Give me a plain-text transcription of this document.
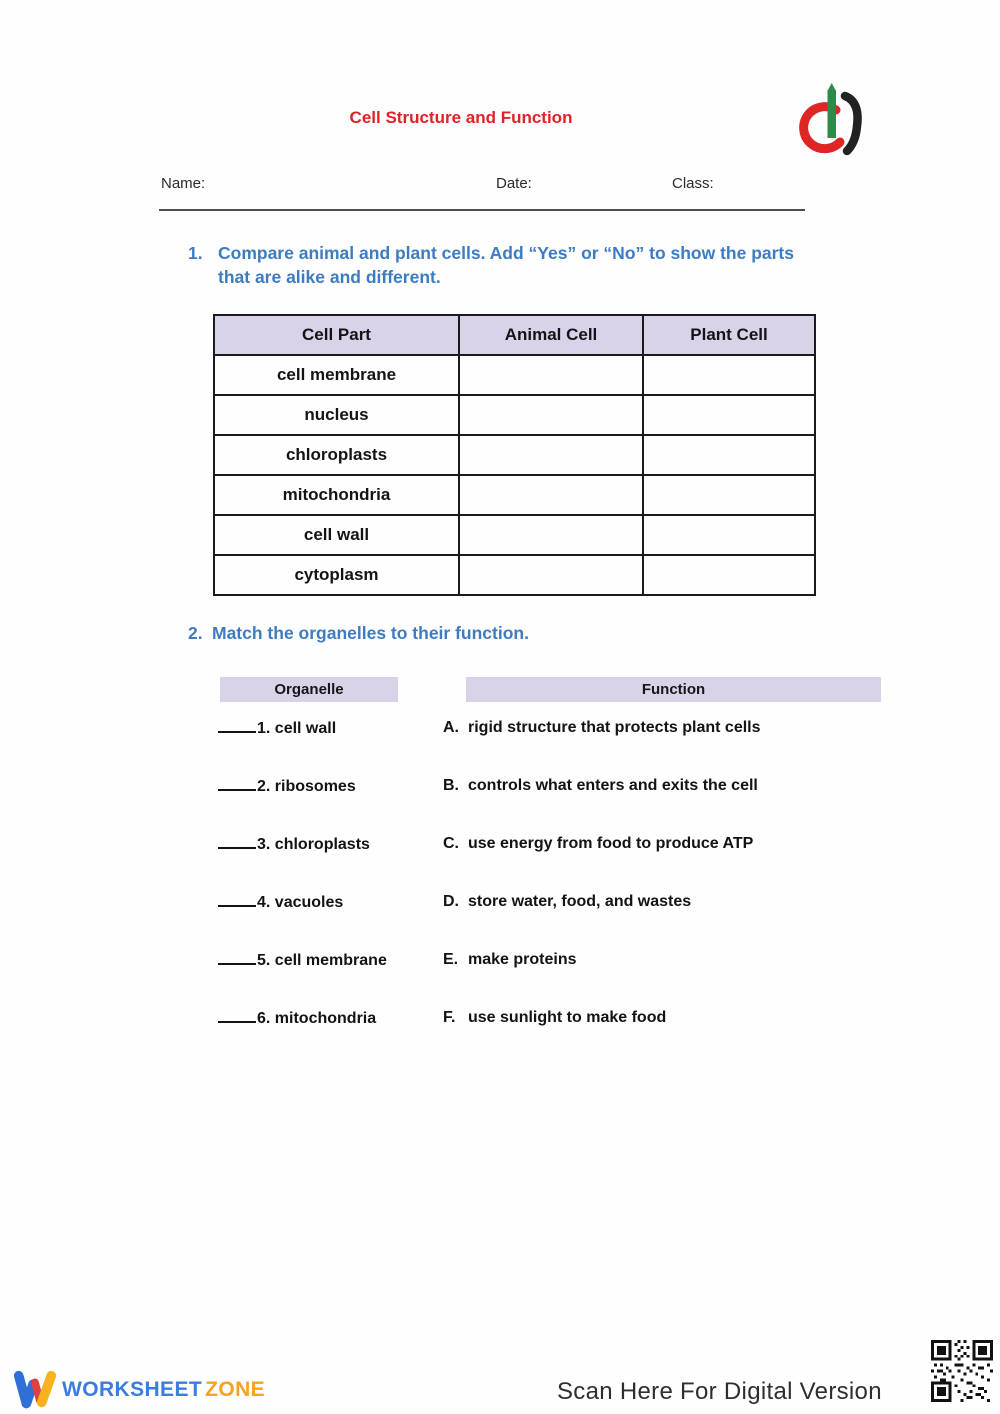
Cell Structure and Function
Name:	Date:	Class:
1. Compare animal and plant cells. Add “Yes” or “No” to show the parts that are alike and different.
Cell Part	Animal Cell	Plant Cell
cell membrane		
nucleus		
chloroplasts		
mitochondria		
cell wall		
cytoplasm		
2. Match the organelles to their function.
Organelle	Function
1. cell wall	A. rigid structure that protects plant cells
2. ribosomes	B. controls what enters and exits the cell
3. chloroplasts	C. use energy from food to produce ATP
4. vacuoles	D. store water, food, and wastes
5. cell membrane	E. make proteins
6. mitochondria	F. use sunlight to make food
WORKSHEET ZONE	Scan Here For Digital Version
